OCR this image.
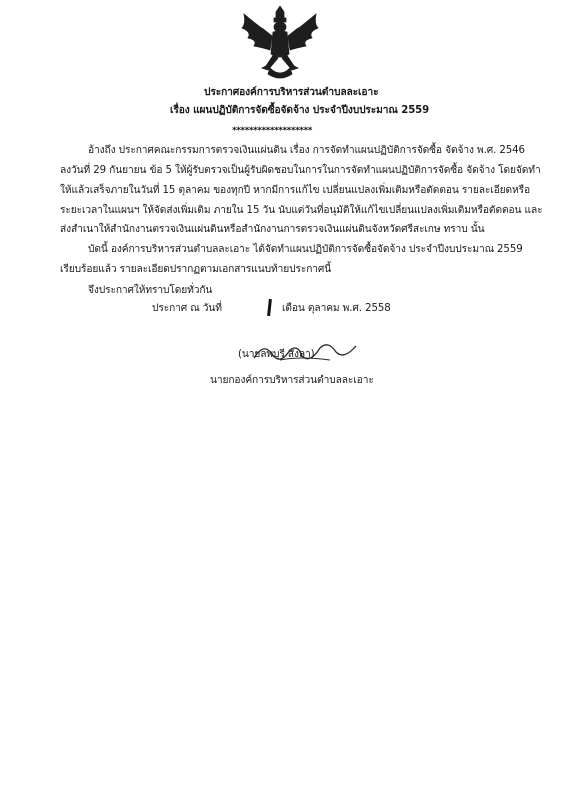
ประกาศองค์การบริหารส่วนตำบลละเอาะ
เรื่อง แผนปฏิบัติการจัดซื้อจัดจ้าง ประจำปีงบประมาณ 2559
*******************
อ้างถึง ประกาศคณะกรรมการตรวจเงินแผ่นดิน เรื่อง การจัดทำแผนปฏิบัติการจัดซื้อ จัดจ้าง พ.ศ. 2546
ลงวันที่ 29 กันยายน ข้อ 5 ให้ผู้รับตรวจเป็นผู้รับผิดชอบในการในการจัดทำแผนปฏิบัติการจัดซื้อ จัดจ้าง โดยจัดทำ
ให้แล้วเสร็จภายในวันที่ 15 ตุลาคม ของทุกปี หากมีการแก้ไข เปลี่ยนแปลงเพิ่มเติมหรือตัดตอน รายละเอียดหรือ
ระยะเวลาในแผนฯ ให้จัดส่งเพิ่มเติม ภายใน 15 วัน นับแต่วันที่อนุมัติให้แก้ไขเปลี่ยนแปลงเพิ่มเติมหรือตัดตอน และ
ส่งสำเนาให้สำนักงานตรวจเงินแผ่นดินหรือสำนักงานการตรวจเงินแผ่นดินจังหวัดศรีสะเกษ ทราบ นั้น
บัดนี้ องค์การบริหารส่วนตำบลละเอาะ ได้จัดทำแผนปฏิบัติการจัดซื้อจัดจ้าง ประจำปีงบประมาณ 2559
เรียบร้อยแล้ว รายละเอียดปรากฏตามเอกสารแนบท้ายประกาศนี้
จึงประกาศให้ทราบโดยทั่วกัน
ประกาศ ณ วันที่	เดือน ตุลาคม พ.ศ. 2558
(นายลพบุรี สังลา)
นายกองค์การบริหารส่วนตำบลละเอาะ
